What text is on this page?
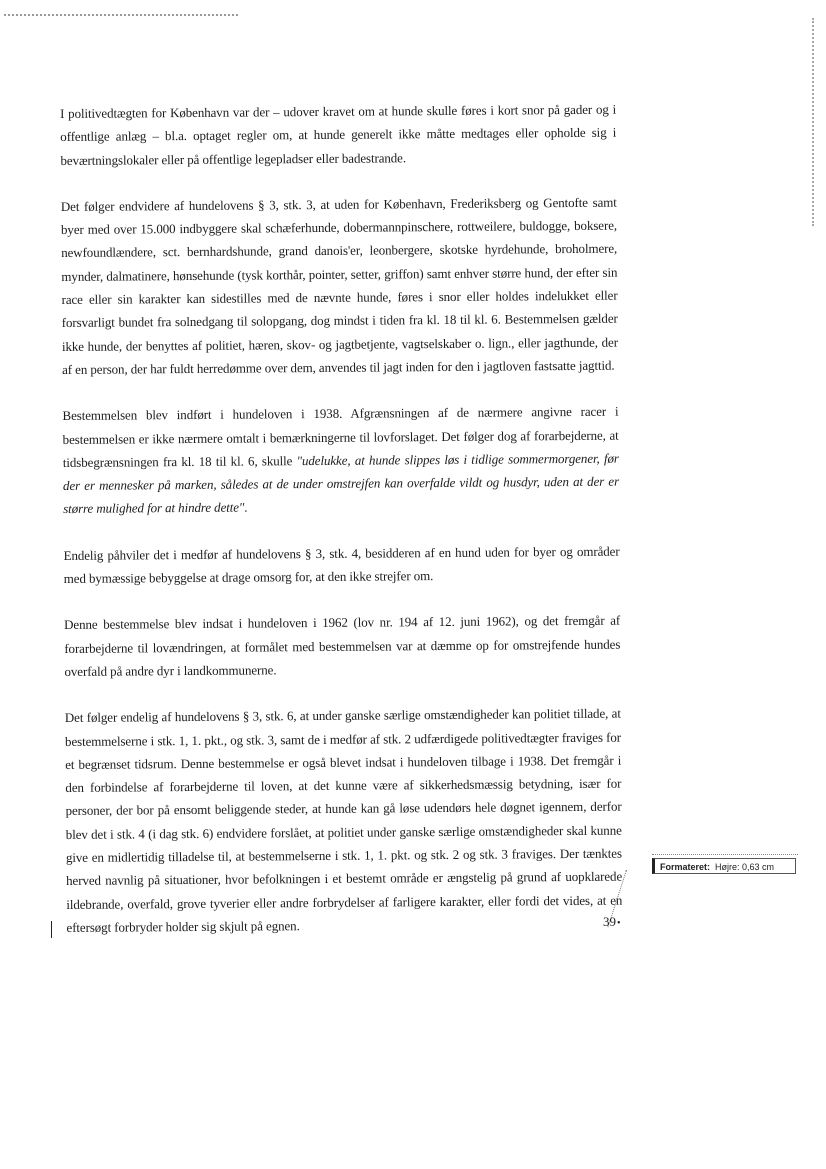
I politivedtægten for København var der – udover kravet om at hunde skulle føres i kort snor på gader og i offentlige anlæg – bl.a. optaget regler om, at hunde generelt ikke måtte medtages eller opholde sig i beværtningslokaler eller på offentlige legepladser eller badestrande.

Det følger endvidere af hundelovens § 3, stk. 3, at uden for København, Frederiksberg og Gentofte samt byer med over 15.000 indbyggere skal schæferhunde, dobermannpinschere, rottweilere, buldogge, boksere, newfoundlændere, sct. bernhardshunde, grand danois'er, leonbergere, skotske hyrdehunde, broholmere, mynder, dalmatinere, hønsehunde (tysk korthår, pointer, setter, griffon) samt enhver større hund, der efter sin race eller sin karakter kan sidestilles med de nævnte hunde, føres i snor eller holdes indelukket eller forsvarligt bundet fra solnedgang til solopgang, dog mindst i tiden fra kl. 18 til kl. 6. Bestemmelsen gælder ikke hunde, der benyttes af politiet, hæren, skov- og jagtbetjente, vagtselskaber o. lign., eller jagthunde, der af en person, der har fuldt herredømme over dem, anvendes til jagt inden for den i jagtloven fastsatte jagttid.

Bestemmelsen blev indført i hundeloven i 1938. Afgrænsningen af de nærmere angivne racer i bestemmelsen er ikke nærmere omtalt i bemærkningerne til lovforslaget. Det følger dog af forarbejderne, at tidsbegrænsningen fra kl. 18 til kl. 6, skulle "udelukke, at hunde slippes løs i tidlige sommermorgener, før der er mennesker på marken, således at de under omstrejfen kan overfalde vildt og husdyr, uden at der er større mulighed for at hindre dette".

Endelig påhviler det i medfør af hundelovens § 3, stk. 4, besidderen af en hund uden for byer og områder med bymæssige bebyggelse at drage omsorg for, at den ikke strejfer om.

Denne bestemmelse blev indsat i hundeloven i 1962 (lov nr. 194 af 12. juni 1962), og det fremgår af forarbejderne til lovændringen, at formålet med bestemmelsen var at dæmme op for omstrejfende hundes overfald på andre dyr i landkommunerne.

Det følger endelig af hundelovens § 3, stk. 6, at under ganske særlige omstændigheder kan politiet tillade, at bestemmelserne i stk. 1, 1. pkt., og stk. 3, samt de i medfør af stk. 2 udfærdigede politivedtægter fraviges for et begrænset tidsrum. Denne bestemmelse er også blevet indsat i hundeloven tilbage i 1938. Det fremgår i den forbindelse af forarbejderne til loven, at det kunne være af sikkerhedsmæssig betydning, især for personer, der bor på ensomt beliggende steder, at hunde kan gå løse udendørs hele døgnet igennem, derfor blev det i stk. 4 (i dag stk. 6) endvidere forslået, at politiet under ganske særlige omstændigheder skal kunne give en midlertidig tilladelse til, at bestemmelserne i stk. 1, 1. pkt. og stk. 2 og stk. 3 fraviges. Der tænktes herved navnlig på situationer, hvor befolkningen i et bestemt område er ængstelig på grund af uopklarede ildebrande, overfald, grove tyverier eller andre forbrydelser af farligere karakter, eller fordi det vides, at en eftersøgt forbryder holder sig skjult på egnen.

Formateret: Højre: 0,63 cm
39•
